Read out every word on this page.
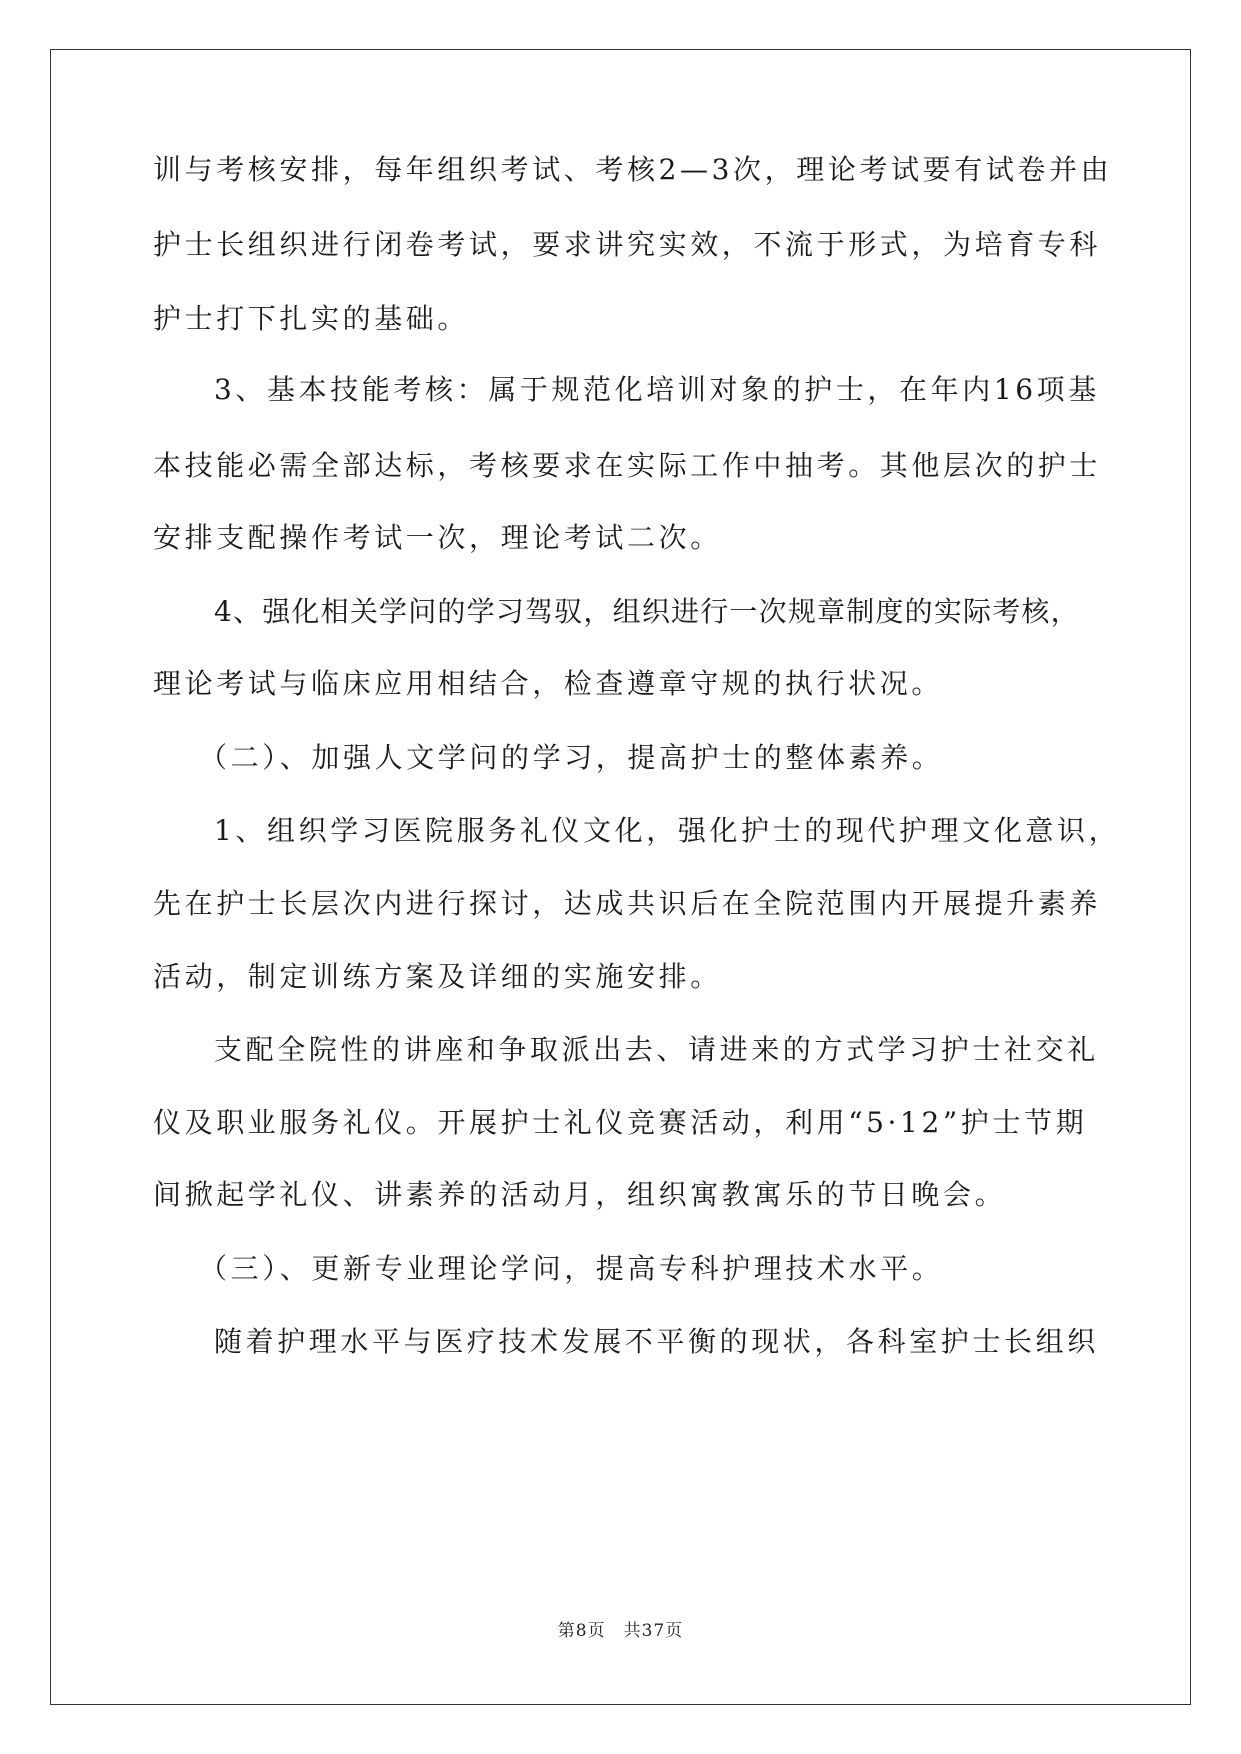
训与考核安排，每年组织考试、考核2—3次，理论考试要有试卷并由
护士长组织进行闭卷考试，要求讲究实效，不流于形式，为培育专科
护士打下扎实的基础。
3、基本技能考核：属于规范化培训对象的护士，在年内16项基
本技能必需全部达标，考核要求在实际工作中抽考。其他层次的护士
安排支配操作考试一次，理论考试二次。
4、强化相关学问的学习驾驭，组织进行一次规章制度的实际考核，
理论考试与临床应用相结合，检查遵章守规的执行状况。
（二）、加强人文学问的学习，提高护士的整体素养。
1、组织学习医院服务礼仪文化，强化护士的现代护理文化意识，
先在护士长层次内进行探讨，达成共识后在全院范围内开展提升素养
活动，制定训练方案及详细的实施安排。
支配全院性的讲座和争取派出去、请进来的方式学习护士社交礼
仪及职业服务礼仪。开展护士礼仪竞赛活动，利用“5·12”护士节期
间掀起学礼仪、讲素养的活动月，组织寓教寓乐的节日晚会。
（三）、更新专业理论学问，提高专科护理技术水平。
随着护理水平与医疗技术发展不平衡的现状，各科室护士长组织
第8页　共37页
